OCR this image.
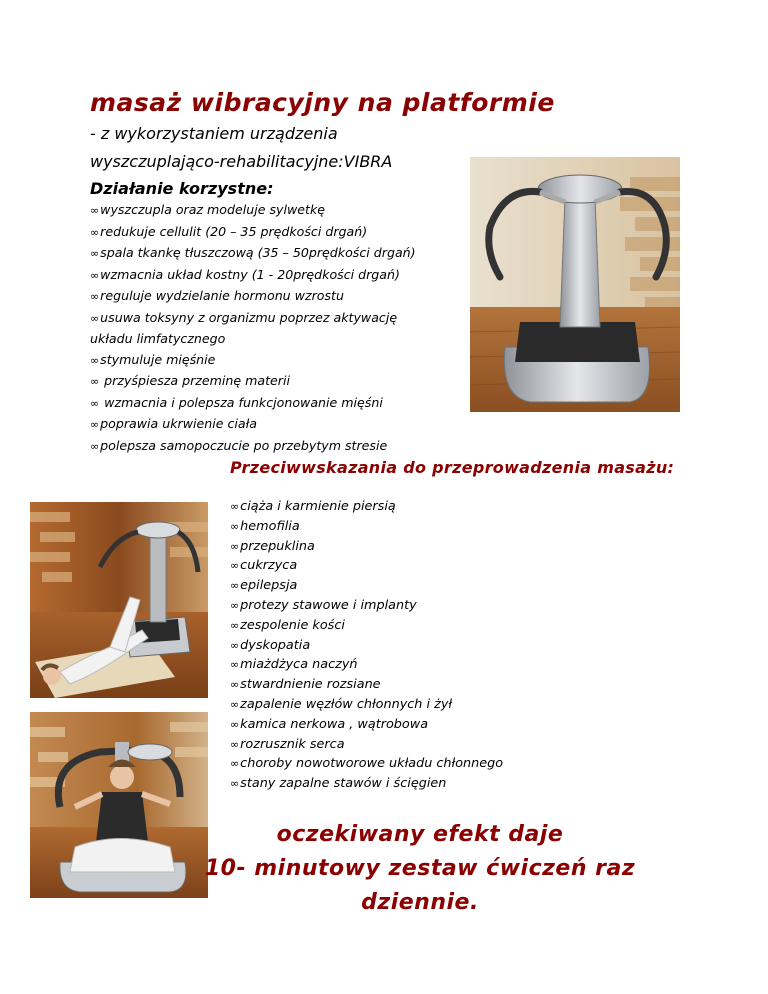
masaż wibracyjny na platformie
- z wykorzystaniem urządzenia
wyszczuplająco-rehabilitacyjne:VIBRA
Działanie korzystne:
∞wyszczupla oraz modeluje sylwetkę
∞redukuje cellulit (20 – 35 prędkości drgań)
∞spala tkankę tłuszczową (35 – 50prędkości drgań)
∞wzmacnia układ kostny (1 - 20prędkości drgań)
∞reguluje wydzielanie hormonu wzrostu
∞usuwa toksyny z organizmu poprzez aktywację
układu limfatycznego
∞stymuluje mięśnie
∞ przyśpiesza przeminę materii
∞ wzmacnia i polepsza funkcjonowanie mięśni
∞poprawia ukrwienie ciała
∞polepsza samopoczucie po przebytym stresie
Przeciwwskazania do przeprowadzenia masażu:
∞ciąża i karmienie piersią
∞hemofilia
∞przepuklina
∞cukrzyca
∞epilepsja
∞protezy stawowe i implanty
∞zespolenie kości
∞dyskopatia
∞miażdżyca naczyń
∞stwardnienie rozsiane
∞zapalenie węzłów chłonnych i żył
∞kamica nerkowa , wątrobowa
∞rozrusznik serca
∞choroby nowotworowe układu chłonnego
∞stany zapalne stawów i ścięgien
oczekiwany efekt daje
10- minutowy zestaw ćwiczeń raz
dziennie.
